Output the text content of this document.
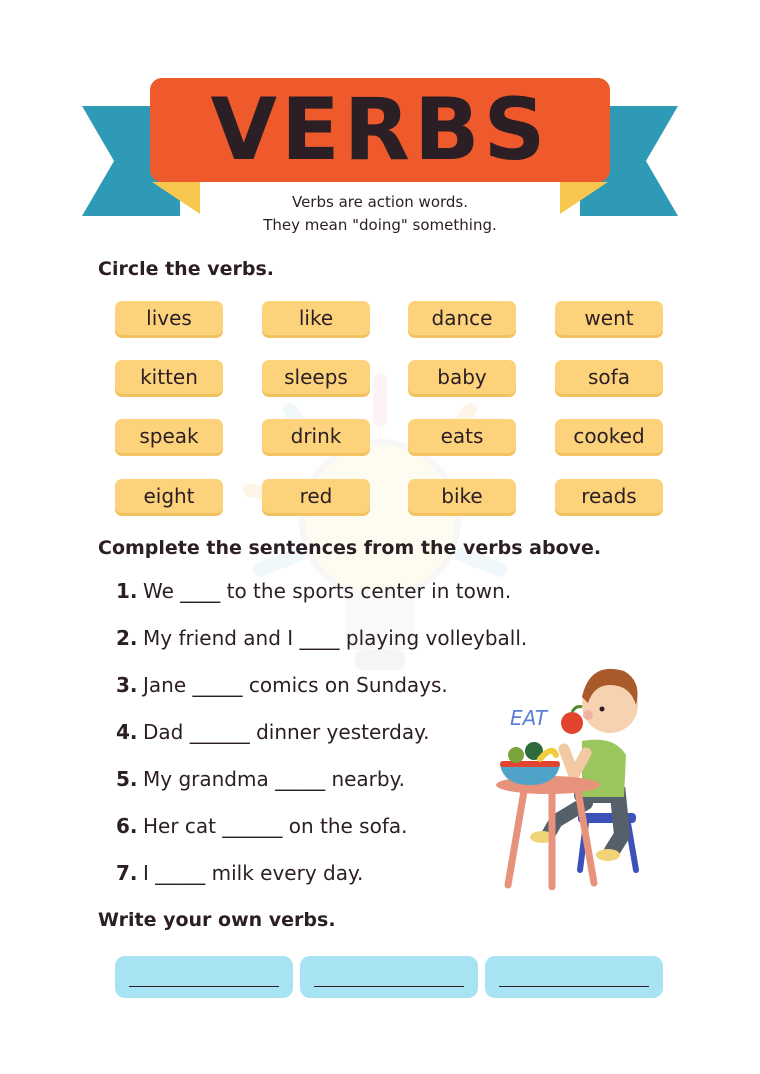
VERBS
Verbs are action words.
They mean "doing" something.
Circle the verbs.
lives	like	dance	went
kitten	sleeps	baby	sofa
speak	drink	eats	cooked
eight	red	bike	reads
Complete the sentences from the verbs above.
1. We ____ to the sports center in town.
2. My friend and I ____ playing volleyball.
3. Jane _____ comics on Sundays.
4. Dad ______ dinner yesterday.
5. My grandma _____ nearby.
6. Her cat ______ on the sofa.
7. I _____ milk every day.
EAT
Write your own verbs.
